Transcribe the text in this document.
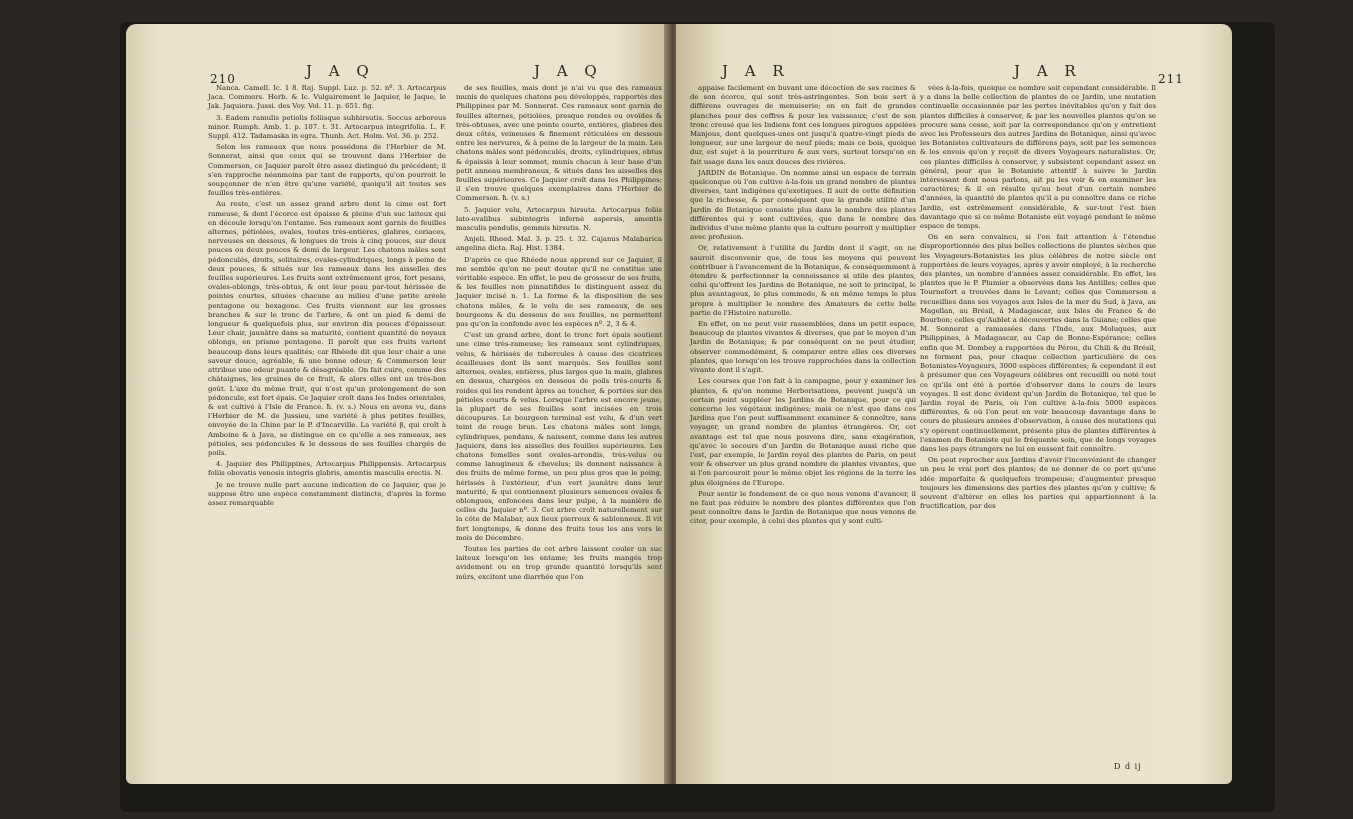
210	J A Q	J A Q

Nanca. Camell. Ic. 1 8. Raj. Suppl. Luz. p. 52. nº. 3. Artocarpus Jaca. Commers. Herb. & Ic. Vulgairement le Jaquier, le Jaque, le Jak. Jaquiera. Jussi. des Voy. Vol. 11. p. 651. fig.

3. Eadem ramulis petiolis foliisque subhirsutis. Soccus arboreus minor. Rumph. Amb. 1. p. 107. t. 31. Artocarpus integrifolia. L. F. Suppl. 412. Tadamaska in egra. Thunb. Act. Holm. Vol. 36. p. 252.

Selon les rameaux que nous possédons de l'Herbier de M. Sonnerat, ainsi que ceux qui se trouvent dans l'Herbier de Commerson, ce Jaquier paroît être assez distingué du précédent; il s'en rapproche néanmoins par tant de rapports, qu'on pourroit le soupçonner de n'en être qu'une variété, quoiqu'il ait toutes ses feuilles très-entières.

Au reste, c'est un assez grand arbre dont la cime est fort rameuse, & dont l'écorce est épaisse & pleine d'un suc laiteux qui en découle lorsqu'on l'entame. Ses rameaux sont garnis de feuilles alternes, pétiolées, ovales, toutes très-entières, glabres, coriaces, nerveuses en dessous, & longues de trois à cinq pouces, sur deux pouces ou deux pouces & demi de largeur. Les chatons mâles sont pédonculés, droits, solitaires, ovales-cylindriques, longs à peine de deux pouces, & situés sur les rameaux dans les aisselles des feuilles supérieures. Les fruits sont extrêmement gros, fort pesans, ovales-oblongs, très-obtus, & ont leur peau par-tout hérissée de pointes courtes, situées chacune au milieu d'une petite aréole pentagone ou hexagone. Ces fruits viennent sur les grosses branches & sur le tronc de l'arbre, & ont un pied & demi de longueur & quelquefois plus, sur environ dix pouces d'épaisseur. Leur chair, jaunâtre dans sa maturité, contient quantité de noyaux oblongs, en prisme pentagone. Il paroît que ces fruits varient beaucoup dans leurs qualités; car Rhéede dit que leur chair a une saveur douce, agréable, & une bonne odeur; & Commerson leur attribue une odeur puante & désagréable. On fait cuire, comme des châtaignes, les graines de ce fruit, & alors elles ont un très-bon goût. L'axe du même fruit, qui n'est qu'un prolongement de son pédoncule, est fort épais. Ce Jaquier croît dans les Indes orientales, & est cultivé à l'Isle de France. ħ. (v. s.) Nous en avons vu, dans l'Herbier de M. de Jussieu, une variété à plus petites feuilles, envoyée de la Chine par le P. d'Incarville. La variété β, qui croît à Amboine & à Java, se distingue en ce qu'elle a ses rameaux, ses pétioles, ses pédoncules & le dessous de ses feuilles chargés de poils.

4. Jaquier des Philippines, Artocarpus Philippensis. Artocarpus foliis obovatis venosis integris glabris, amentis masculis erectis. N.

Je ne trouve nulle part aucune indication de ce Jaquier, que je suppose être une espèce constamment distincte, d'après la forme assez remarquable

de ses feuilles, mais dont je n'ai vu que des rameaux munis de quelques chatons peu développés, rapportés des Philippines par M. Sonnerat. Ces rameaux sont garnis de feuilles alternes, pétiolées, presque rondes ou ovoïdes & très-obtuses, avec une pointe courte, entières, glabres des deux côtés, veineuses & finement réticulées en dessous entre les nervures, & à peine de la largeur de la main. Les chatons mâles sont pédonculés, droits, cylindriques, obtus & épaissis à leur sommet, munis chacun à leur base d'un petit anneau membraneux, & situés dans les aisselles des feuilles supérieures. Ce Jaquier croît dans les Philippines; il s'en trouve quelques exemplaires dans l'Herbier de Commerson. ħ. (v. s.)

5. Jaquier velu, Artocarpus hirsuta. Artocarpus foliis lato-ovalibus subintegris infernè aspersis, amentis masculis pendulis, gemmis hirsutis. N.

Anjeli. Rheed. Mal. 3. p. 25. t. 32. Cajanus Malabarica angelina dicta. Raj. Hist. 1384.

D'après ce que Rhéede nous apprend sur ce Jaquier, il me semble qu'on ne peut douter qu'il ne constitue une véritable espèce. En effet, le peu de grosseur de ses fruits, & les feuilles non pinnatifides le distinguent assez du Jaquier incisé n. 1. La forme & la disposition de ses chatons mâles, & le velu de ses rameaux, de ses bourgeons & du dessous de ses feuilles, ne permettent pas qu'on la confonde avec les espèces nº. 2, 3 & 4.

C'est un grand arbre, dont le tronc fort épais soutient une cime très-rameuse; les rameaux sont cylindriques, velus, & hérissés de tubercules à cause des cicatrices écailleuses dont ils sont marqués. Ses feuilles sont alternes, ovales, entières, plus larges que la main, glabres en dessus, chargées en dessous de poils très-courts & roides qui les rendent âpres au toucher, & portées sur des pétioles courts & velus. Lorsque l'arbre est encore jeune, la plupart de ses feuilles sont incisées en trois découpures. Le bourgeon terminal est velu, & d'un vert teint de rouge brun. Les chatons mâles sont longs, cylindriques, pendans, & naissent, comme dans les autres Jaquiers, dans les aisselles des feuilles supérieures. Les chatons femelles sont ovales-arrondis, très-velus ou comme lanugineux & chevelus; ils donnent naissance à des fruits de même forme, un peu plus gros que le poing, hérissés à l'extérieur, d'un vert jaunâtre dans leur maturité, & qui contiennent plusieurs semences ovales & oblongues, enfoncées dans leur pulpe, à la manière de celles du Jaquier nº. 3. Cet arbre croît naturellement sur la côte de Malabar, aux lieux pierreux & sablonneux. Il vit fort longtemps, & donne des fruits tous les ans vers le mois de Décembre.

Toutes les parties de cet arbre laissent couler un suc laiteux lorsqu'on les entame; les fruits mangés trop avidement ou en trop grande quantité lorsqu'ils sont mûrs, excitent une diarrhée que l'on

J A R	J A R	211

appaise facilement en buvant une décoction de ses racines & de son écorce, qui sont très-astringentes. Son bois sert à différens ouvrages de menuiserie; on en fait de grandes planches pour des coffres & pour les vaisseaux; c'est de son tronc creusé que les Indiens font ces longues pirogues appelées Manjous, dont quelques-unes ont jusqu'à quatre-vingt pieds de longueur, sur une largeur de neuf pieds; mais ce bois, quoique dur, est sujet à la pourriture & aux vers, surtout lorsqu'on en fait usage dans les eaux douces des rivières.

JARDIN de Botanique. On nomme ainsi un espace de terrain quelconque où l'on cultive à-la-fois un grand nombre de plantes diverses, tant indigènes qu'exotiques. Il suit de cette définition que la richesse, & par conséquent que la grande utilité d'un Jardin de Botanique consiste plus dans le nombre des plantes différentes qui y sont cultivées, que dans le nombre des individus d'une même plante que la culture pourroit y multiplier avec profusion.

Or, relativement à l'utilité du Jardin dont il s'agit, on ne sauroit disconvenir que, de tous les moyens qui peuvent contribuer à l'avancement de la Botanique, & conséquemment à étendre & perfectionner la connoissance si utile des plantes, celui qu'offrent les Jardins de Botanique, ne soit le principal, le plus avantageux, le plus commode, & en même temps le plus propre à multiplier le nombre des Amateurs de cette belle partie de l'Histoire naturelle.

En effet, on ne peut voir rassemblées, dans un petit espace, beaucoup de plantes vivantes & diverses, que par le moyen d'un Jardin de Botanique; & par conséquent on ne peut étudier, observer commodément, & comparer entre elles ces diverses plantes, que lorsqu'on les trouve rapprochées dans la collection vivante dont il s'agit.

Les courses que l'on fait à la campagne, pour y examiner les plantes, & qu'on nomme Herborisations, peuvent jusqu'à un certain point suppléer les Jardins de Botanique, pour ce qui concerne les végétaux indigènes; mais ce n'est que dans ces Jardins que l'on peut suffisamment examiner & connoître, sans voyager, un grand nombre de plantes étrangères. Or, cet avantage est tel que nous pouvons dire, sans exagération, qu'avec le secours d'un Jardin de Botanique aussi riche que l'est, par exemple, le Jardin royal des plantes de Paris, on peut voir & observer un plus grand nombre de plantes vivantes, que si l'on parcouroit pour le même objet les régions de la terre les plus éloignées de l'Europe.

Pour sentir le fondement de ce que nous venons d'avancer, il ne faut pas réduire le nombre des plantes différentes que l'on peut connoître dans le Jardin de Botanique que nous venons de citer, pour exemple, à celui des plantes qui y sont culti-

vées à-la-fois, quoique ce nombre soit cependant considérable. Il y a dans la belle collection de plantes de ce Jardin, une mutation continuelle occasionnée par les pertes inévitables qu'on y fait des plantes difficiles à conserver, & par les nouvelles plantes qu'on se procure sans cesse, soit par la correspondance qu'on y entretient avec les Professeurs des autres Jardins de Botanique, ainsi qu'avec les Botanistes cultivateurs de différens pays, soit par les semences & les envois qu'on y reçoit de divers Voyageurs naturalistes. Or, ces plantes difficiles à conserver, y subsistent cependant assez en général, pour que le Botaniste attentif à suivre le Jardin intéressant dont nous parlons, ait pu les voir & en examiner les caractères; & il en résulte qu'au bout d'un certain nombre d'années, la quantité de plantes qu'il a pu connoître dans ce riche Jardin, est extrêmement considérable, & sur-tout l'est bien davantage que si ce même Botaniste eût voyagé pendant le même espace de temps.

On en sera convaincu, si l'on fait attention à l'étendue disproportionnée des plus belles collections de plantes sèches que les Voyageurs-Botanistes les plus célèbres de notre siècle ont rapportées de leurs voyages, après y avoir employé, à la recherche des plantes, un nombre d'années assez considérable. En effet, les plantes que le P. Plumier a observées dans les Antilles; celles que Tournefort a trouvées dans le Levant; celles que Commerson a recueillies dans ses voyages aux Isles de la mer du Sud, à Java, au Magellan, au Brésil, à Madagascar, aux Isles de France & de Bourbon; celles qu'Aublet a découvertes dans la Guiane; celles que M. Sonnerat a ramassées dans l'Inde, aux Moluques, aux Philippines, à Madagascar, au Cap de Bonne-Espérance; celles enfin que M. Dombey a rapportées du Pérou, du Chili & du Brésil, ne forment pas, pour chaque collection particulière de ces Botanistes-Voyageurs, 3000 espèces différentes; & cependant il est à présumer que ces Voyageurs célèbres ont recueilli ou noté tout ce qu'ils ont été à portée d'observer dans le cours de leurs voyages. Il est donc évident qu'un Jardin de Botanique, tel que le Jardin royal de Paris, où l'on cultive à-la-fois 5000 espèces différentes, & où l'on peut en voir beaucoup davantage dans le cours de plusieurs années d'observation, à cause des mutations qui s'y opèrent continuellement, présente plus de plantes différentes à l'examen du Botaniste qui le fréquente soin, que de longs voyages dans les pays étrangers ne lui en eussent fait connoître.

On peut reprocher aux Jardins d'avoir l'inconvénient de changer un peu le vrai port des plantes; de ne donner de ce port qu'une idée imparfaite & quelquefois trompeuse; d'augmenter presque toujours les dimensions des parties des plantes qu'on y cultive; & souvent d'altérer en elles les parties qui appartiennent à la fructification, par des

D d ij
